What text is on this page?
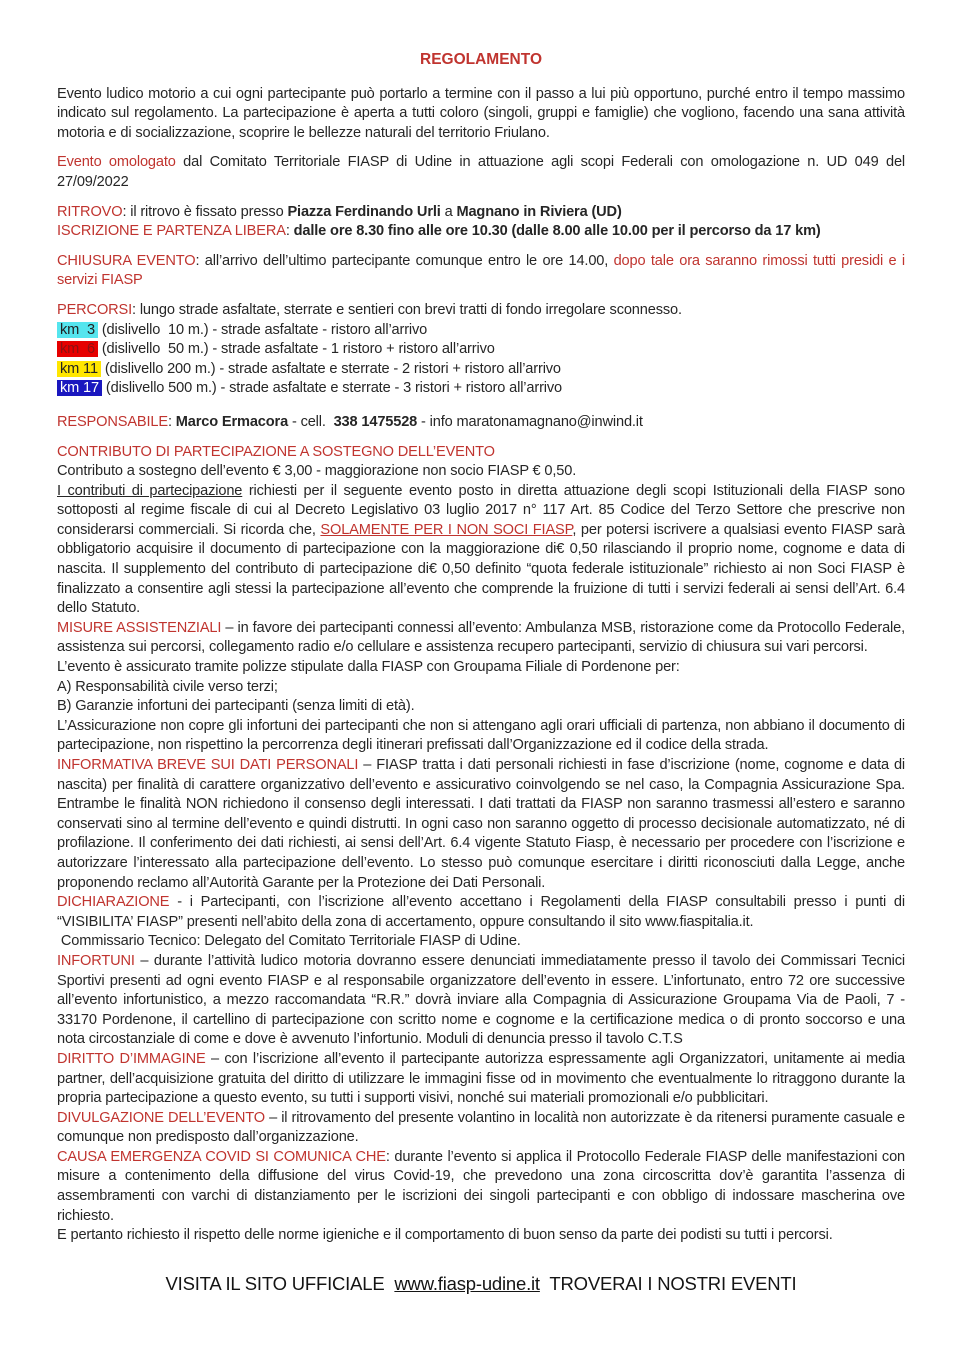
REGOLAMENTO
Evento ludico motorio a cui ogni partecipante può portarlo a termine con il passo a lui più opportuno, purché entro il tempo massimo indicato sul regolamento. La partecipazione è aperta a tutti coloro (singoli, gruppi e famiglie) che vogliono, facendo una sana attività motoria e di socializzazione, scoprire le bellezze naturali del territorio Friulano.
Evento omologato dal Comitato Territoriale FIASP di Udine in attuazione agli scopi Federali con omologazione n. UD 049 del 27/09/2022
RITROVO: il ritrovo è fissato presso Piazza Ferdinando Urli a Magnano in Riviera (UD)
ISCRIZIONE E PARTENZA LIBERA: dalle ore 8.30 fino alle ore 10.30 (dalle 8.00 alle 10.00 per il percorso da 17 km)
CHIUSURA EVENTO: all’arrivo dell’ultimo partecipante comunque entro le ore 14.00, dopo tale ora saranno rimossi tutti presidi e i servizi FIASP
PERCORSI: lungo strade asfaltate, sterrate e sentieri con brevi tratti di fondo irregolare sconnesso.
km  3 (dislivello  10 m.) - strade asfaltate - ristoro all’arrivo
km  6 (dislivello  50 m.) - strade asfaltate - 1 ristoro + ristoro all’arrivo
km 11 (dislivello 200 m.) - strade asfaltate e sterrate - 2 ristori + ristoro all’arrivo
km 17 (dislivello 500 m.) - strade asfaltate e sterrate - 3 ristori + ristoro all’arrivo
RESPONSABILE: Marco Ermacora - cell.  338 1475528 - info maratonamagnano@inwind.it
CONTRIBUTO DI PARTECIPAZIONE A SOSTEGNO DELL’EVENTO
Contributo a sostegno dell’evento € 3,00 - maggiorazione non socio FIASP € 0,50.
I contributi di partecipazione richiesti per il seguente evento posto in diretta attuazione degli scopi Istituzionali della FIASP sono sottoposti al regime fiscale di cui al Decreto Legislativo 03 luglio 2017 n° 117 Art. 85 Codice del Terzo Settore che prescrive non considerarsi commerciali. Si ricorda che, SOLAMENTE PER I NON SOCI FIASP, per potersi iscrivere a qualsiasi evento FIASP sarà obbligatorio acquisire il documento di partecipazione con la maggiorazione di€ 0,50 rilasciando il proprio nome, cognome e data di nascita. Il supplemento del contributo di partecipazione di€ 0,50 definito “quota federale istituzionale” richiesto ai non Soci FIASP è finalizzato a consentire agli stessi la partecipazione all’evento che comprende la fruizione di tutti i servizi federali ai sensi dell’Art. 6.4 dello Statuto.
MISURE ASSISTENZIALI – in favore dei partecipanti connessi all’evento: Ambulanza MSB, ristorazione come da Protocollo Federale, assistenza sui percorsi, collegamento radio e/o cellulare e assistenza recupero partecipanti, servizio di chiusura sui vari percorsi.
L’evento è assicurato tramite polizze stipulate dalla FIASP con Groupama Filiale di Pordenone per:
A) Responsabilità civile verso terzi;
B) Garanzie infortuni dei partecipanti (senza limiti di età).
L’Assicurazione non copre gli infortuni dei partecipanti che non si attengano agli orari ufficiali di partenza, non abbiano il documento di partecipazione, non rispettino la percorrenza degli itinerari prefissati dall’Organizzazione ed il codice della strada.
INFORMATIVA BREVE SUI DATI PERSONALI – FIASP tratta i dati personali richiesti in fase d’iscrizione (nome, cognome e data di nascita) per finalità di carattere organizzativo dell’evento e assicurativo coinvolgendo se nel caso, la Compagnia Assicurazione Spa. Entrambe le finalità NON richiedono il consenso degli interessati. I dati trattati da FIASP non saranno trasmessi all’estero e saranno conservati sino al termine dell’evento e quindi distrutti. In ogni caso non saranno oggetto di processo decisionale automatizzato, né di profilazione. Il conferimento dei dati richiesti, ai sensi dell’Art. 6.4 vigente Statuto Fiasp, è necessario per procedere con l’iscrizione e autorizzare l’interessato alla partecipazione dell’evento. Lo stesso può comunque esercitare i diritti riconosciuti dalla Legge, anche proponendo reclamo all’Autorità Garante per la Protezione dei Dati Personali.
DICHIARAZIONE - i Partecipanti, con l’iscrizione all’evento accettano i Regolamenti della FIASP consultabili presso i punti di “VISIBILITA’ FIASP” presenti nell’abito della zona di accertamento, oppure consultando il sito www.fiaspitalia.it.
Commissario Tecnico: Delegato del Comitato Territoriale FIASP di Udine.
INFORTUNI – durante l’attività ludico motoria dovranno essere denunciati immediatamente presso il tavolo dei Commissari Tecnici Sportivi presenti ad ogni evento FIASP e al responsabile organizzatore dell’evento in essere. L’infortunato, entro 72 ore successive all’evento infortunistico, a mezzo raccomandata “R.R.” dovrà inviare alla Compagnia di Assicurazione Groupama Via de Paoli, 7 - 33170 Pordenone, il cartellino di partecipazione con scritto nome e cognome e la certificazione medica o di pronto soccorso e una nota circostanziale di come e dove è avvenuto l’infortunio. Moduli di denuncia presso il tavolo C.T.S
DIRITTO D’IMMAGINE – con l’iscrizione all’evento il partecipante autorizza espressamente agli Organizzatori, unitamente ai media partner, dell’acquisizione gratuita del diritto di utilizzare le immagini fisse od in movimento che eventualmente lo ritraggono durante la propria partecipazione a questo evento, su tutti i supporti visivi, nonché sui materiali promozionali e/o pubblicitari.
DIVULGAZIONE DELL’EVENTO – il ritrovamento del presente volantino in località non autorizzate è da ritenersi puramente casuale e comunque non predisposto dall’organizzazione.
CAUSA EMERGENZA COVID SI COMUNICA CHE: durante l’evento si applica il Protocollo Federale FIASP delle manifestazioni con misure a contenimento della diffusione del virus Covid-19, che prevedono una zona circoscritta dov’è garantita l’assenza di assembramenti con varchi di distanziamento per le iscrizioni dei singoli partecipanti e con obbligo di indossare mascherina ove richiesto.
E pertanto richiesto il rispetto delle norme igieniche e il comportamento di buon senso da parte dei podisti su tutti i percorsi.
VISITA IL SITO UFFICIALE  www.fiasp-udine.it  TROVERAI I NOSTRI EVENTI
